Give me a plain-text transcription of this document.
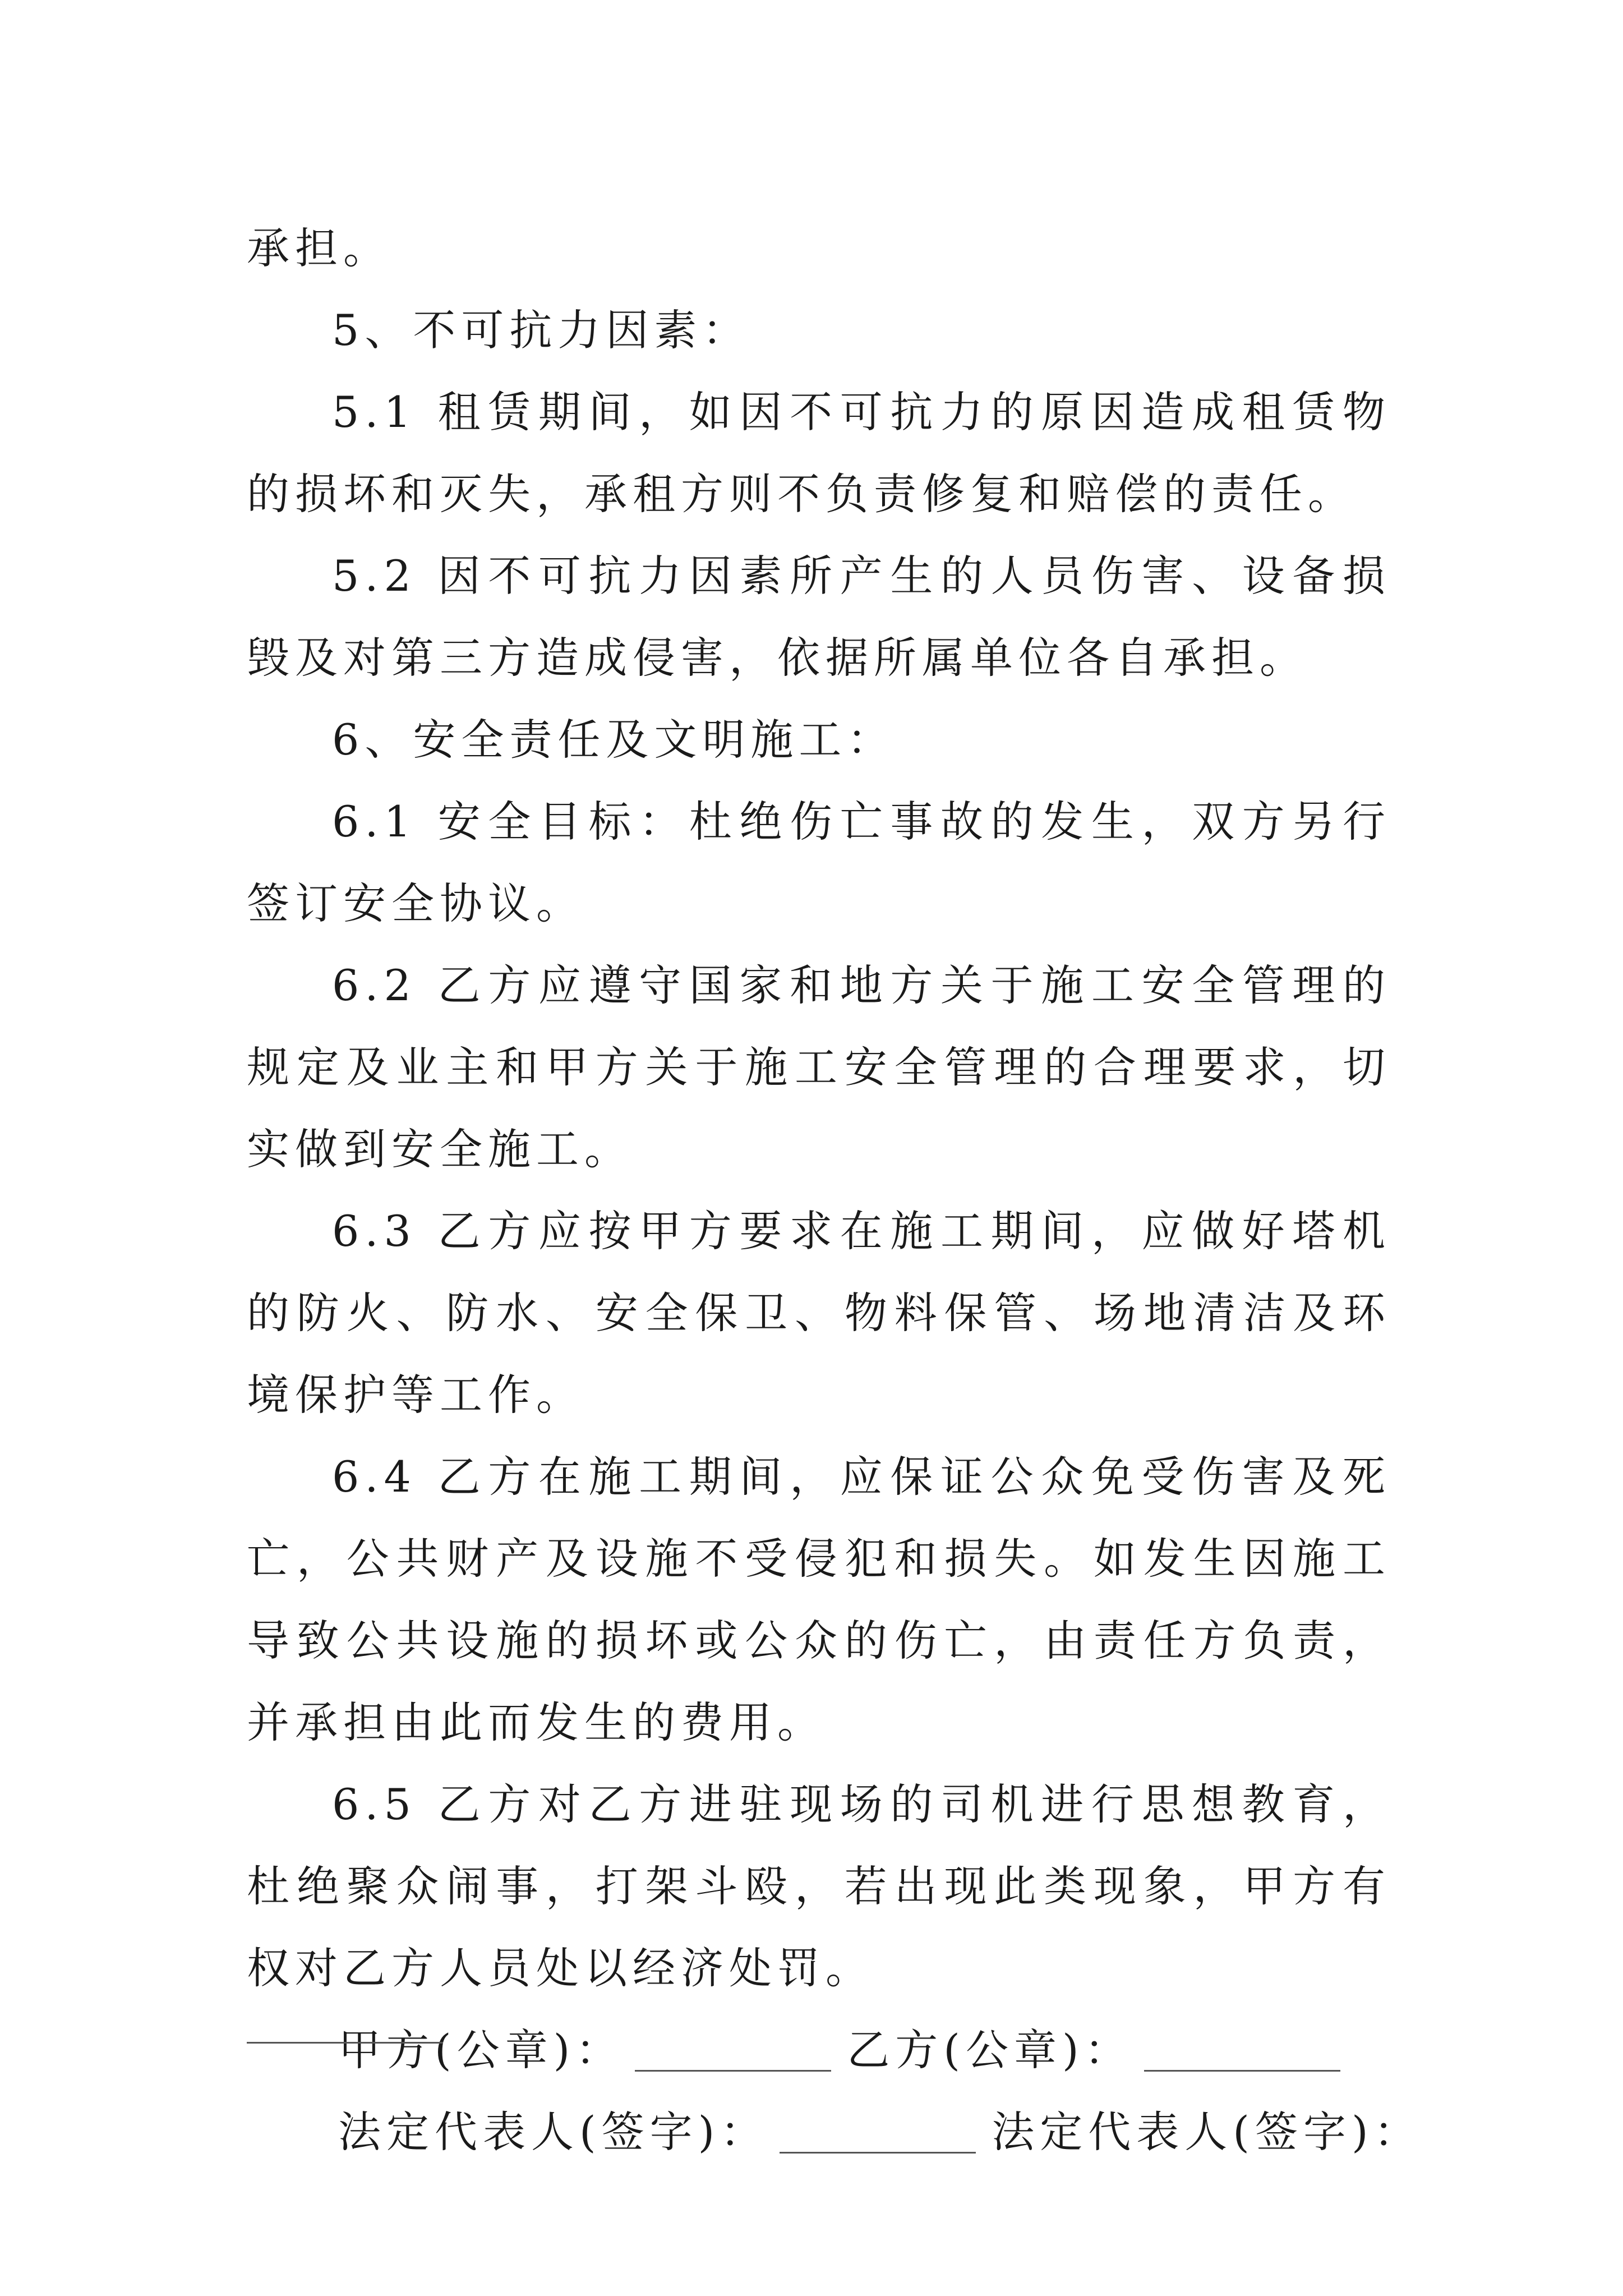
承担。

5、不可抗力因素：

5.1 租赁期间，如因不可抗力的原因造成租赁物的损坏和灭失，承租方则不负责修复和赔偿的责任。

5.2 因不可抗力因素所产生的人员伤害、设备损毁及对第三方造成侵害，依据所属单位各自承担。

6、安全责任及文明施工：

6.1 安全目标：杜绝伤亡事故的发生，双方另行签订安全协议。

6.2 乙方应遵守国家和地方关于施工安全管理的规定及业主和甲方关于施工安全管理的合理要求，切实做到安全施工。

6.3 乙方应按甲方要求在施工期间，应做好塔机的防火、防水、安全保卫、物料保管、场地清洁及环境保护等工作。

6.4 乙方在施工期间，应保证公众免受伤害及死亡，公共财产及设施不受侵犯和损失。如发生因施工导致公共设施的损坏或公众的伤亡，由责任方负责，并承担由此而发生的费用。

6.5 乙方对乙方进驻现场的司机进行思想教育，杜绝聚众闹事，打架斗殴，若出现此类现象，甲方有权对乙方人员处以经济处罚。

甲方(公章)：	乙方(公章)：

法定代表人(签字)：	法定代表人(签字)：
